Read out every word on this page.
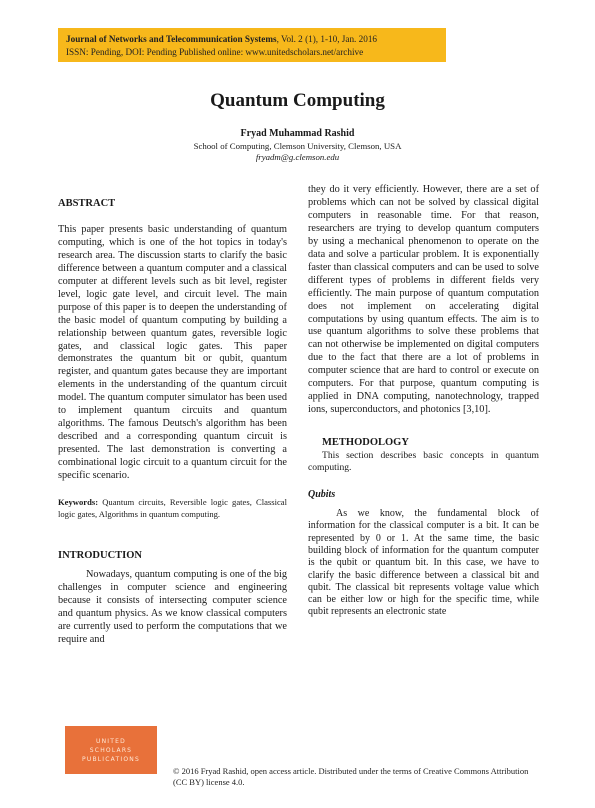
Journal of Networks and Telecommunication Systems, Vol. 2 (1), 1-10, Jan. 2016
ISSN: Pending, DOI: Pending Published online: www.unitedscholars.net/archive
Quantum Computing
Fryad Muhammad Rashid
School of Computing, Clemson University, Clemson, USA
fryadm@g.clemson.edu

ABSTRACT

This paper presents basic understanding of quantum computing, which is one of the hot topics in today's research area. The discussion starts to clarify the basic difference between a quantum computer and a classical computer at different levels such as bit level, register level, logic gate level, and circuit level. The main purpose of this paper is to deepen the understanding of the basic model of quantum computing by building a relationship between quantum gates, reversible logic gates, and classical logic gates. This paper demonstrates the quantum bit or qubit, quantum register, and quantum gates because they are important elements in the understanding of the quantum circuit model. The quantum computer simulator has been used to implement quantum circuits and quantum algorithms. The famous Deutsch's algorithm has been described and a corresponding quantum circuit is presented. The last demonstration is converting a combinational logic circuit to a quantum circuit for the specific scenario.

Keywords: Quantum circuits, Reversible logic gates, Classical logic gates, Algorithms in quantum computing.

INTRODUCTION

Nowadays, quantum computing is one of the big challenges in computer science and engineering because it consists of intersecting computer science and quantum physics. As we know classical computers are currently used to perform the computations that we require and

they do it very efficiently. However, there are a set of problems which can not be solved by classical digital computers in reasonable time. For that reason, researchers are trying to develop quantum computers by using a mechanical phenomenon to operate on the data and solve a particular problem. It is exponentially faster than classical computers and can be used to solve different types of problems in different fields very efficiently. The main purpose of quantum computation does not implement on accelerating digital computations by using quantum effects. The aim is to use quantum algorithms to solve these problems that can not otherwise be implemented on digital computers due to the fact that there are a lot of problems in computer science that are hard to control or execute on computers. For that purpose, quantum computing is applied in DNA computing, nanotechnology, trapped ions, superconductors, and photonics [3,10].

METHODOLOGY

This section describes basic concepts in quantum computing.

Qubits

As we know, the fundamental block of information for the classical computer is a bit. It can be represented by 0 or 1. At the same time, the basic building block of information for the quantum computer is the qubit or quantum bit. In this case, we have to clarify the basic difference between a classical bit and qubit. The classical bit represents voltage value which can be either low or high for the specific time, while qubit represents an electronic state

UNITED
SCHOLARS
PUBLICATIONS
© 2016 Fryad Rashid, open access article. Distributed under the terms of Creative Commons Attribution (CC BY) license 4.0.
